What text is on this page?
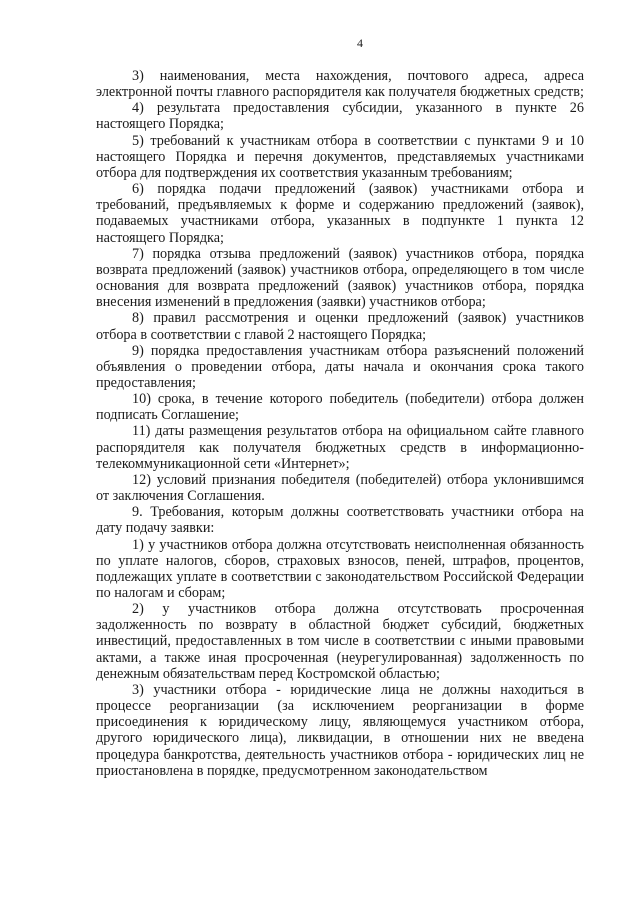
4

3) наименования, места нахождения, почтового адреса, адреса электронной почты главного распорядителя как получателя бюджетных средств;

4) результата предоставления субсидии, указанного в пункте 26 настоящего Порядка;

5) требований к участникам отбора в соответствии с пунктами 9 и 10 настоящего Порядка и перечня документов, представляемых участниками отбора для подтверждения их соответствия указанным требованиям;

6) порядка подачи предложений (заявок) участниками отбора и требований, предъявляемых к форме и содержанию предложений (заявок), подаваемых участниками отбора, указанных в подпункте 1 пункта 12 настоящего Порядка;

7) порядка отзыва предложений (заявок) участников отбора, порядка возврата предложений (заявок) участников отбора, определяющего в том числе основания для возврата предложений (заявок) участников отбора, порядка внесения изменений в предложения (заявки) участников отбора;

8) правил рассмотрения и оценки предложений (заявок) участников отбора в соответствии с главой 2 настоящего Порядка;

9) порядка предоставления участникам отбора разъяснений положений объявления о проведении отбора, даты начала и окончания срока такого предоставления;

10) срока, в течение которого победитель (победители) отбора должен подписать Соглашение;

11) даты размещения результатов отбора на официальном сайте главного распорядителя как получателя бюджетных средств в информационно-телекоммуникационной сети «Интернет»;

12) условий признания победителя (победителей) отбора уклонившимся от заключения Соглашения.

9. Требования, которым должны соответствовать участники отбора на дату подачу заявки:

1) у участников отбора должна отсутствовать неисполненная обязанность по уплате налогов, сборов, страховых взносов, пеней, штрафов, процентов, подлежащих уплате в соответствии с законодательством Российской Федерации по налогам и сборам;

2) у участников отбора должна отсутствовать просроченная задолженность по возврату в областной бюджет субсидий, бюджетных инвестиций, предоставленных в том числе в соответствии с иными правовыми актами, а также иная просроченная (неурегулированная) задолженность по денежным обязательствам перед Костромской областью;

3) участники отбора - юридические лица не должны находиться в процессе реорганизации (за исключением реорганизации в форме присоединения к юридическому лицу, являющемуся участником отбора, другого юридического лица), ликвидации, в отношении них не введена процедура банкротства, деятельность участников отбора - юридических лиц не приостановлена в порядке, предусмотренном законодательством
